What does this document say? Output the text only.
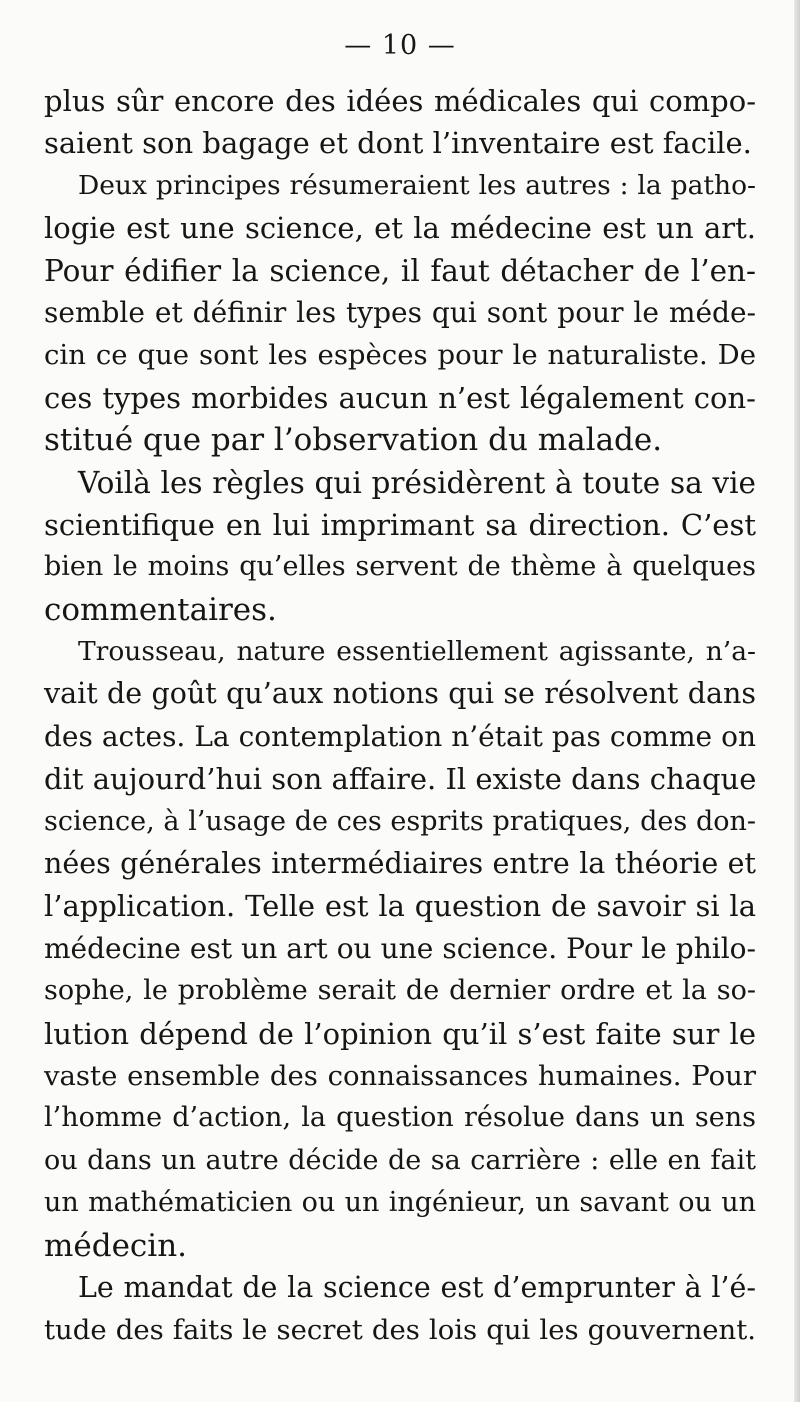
— 10 —
plus sûr encore des idées médicales qui compo-
saient son bagage et dont l’inventaire est facile.
Deux principes résumeraient les autres : la patho-
logie est une science, et la médecine est un art.
Pour édifier la science, il faut détacher de l’en-
semble et définir les types qui sont pour le méde-
cin ce que sont les espèces pour le naturaliste. De
ces types morbides aucun n’est légalement con-
stitué que par l’observation du malade.
Voilà les règles qui présidèrent à toute sa vie
scientifique en lui imprimant sa direction. C’est
bien le moins qu’elles servent de thème à quelques
commentaires.
Trousseau, nature essentiellement agissante, n’a-
vait de goût qu’aux notions qui se résolvent dans
des actes. La contemplation n’était pas comme on
dit aujourd’hui son affaire. Il existe dans chaque
science, à l’usage de ces esprits pratiques, des don-
nées générales intermédiaires entre la théorie et
l’application. Telle est la question de savoir si la
médecine est un art ou une science. Pour le philo-
sophe, le problème serait de dernier ordre et la so-
lution dépend de l’opinion qu’il s’est faite sur le
vaste ensemble des connaissances humaines. Pour
l’homme d’action, la question résolue dans un sens
ou dans un autre décide de sa carrière : elle en fait
un mathématicien ou un ingénieur, un savant ou un
médecin.
Le mandat de la science est d’emprunter à l’é-
tude des faits le secret des lois qui les gouvernent.
